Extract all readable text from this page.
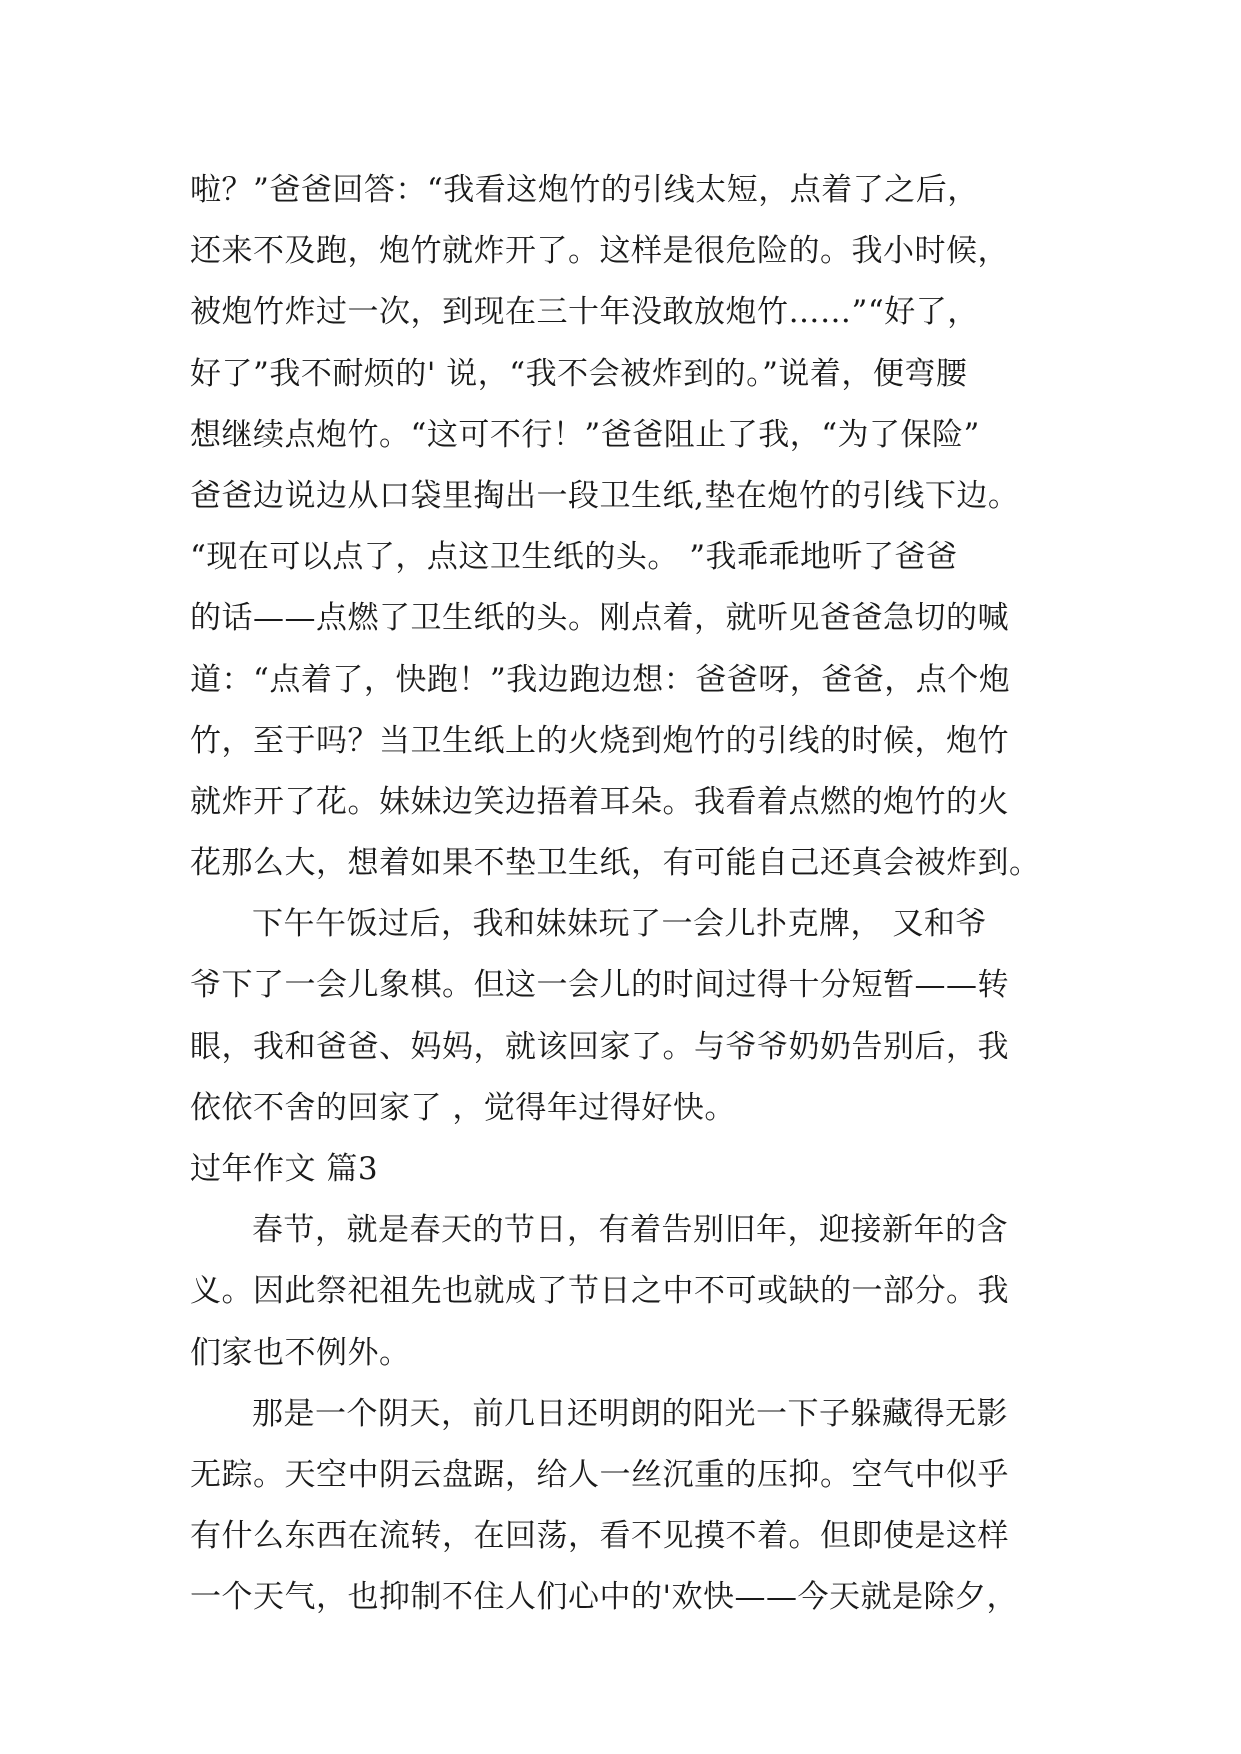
啦？”爸爸回答：“我看这炮竹的引线太短，点着了之后，
还来不及跑，炮竹就炸开了。这样是很危险的。我小时候，
被炮竹炸过一次，到现在三十年没敢放炮竹……”“好了，
好了”我不耐烦的' 说，“我不会被炸到的。”说着，便弯腰
想继续点炮竹。“这可不行！”爸爸阻止了我，“为了保险”
爸爸边说边从口袋里掏出一段卫生纸,垫在炮竹的引线下边。
“现在可以点了，点这卫生纸的头。 ”我乖乖地听了爸爸
的话——点燃了卫生纸的头。刚点着，就听见爸爸急切的喊
道：“点着了，快跑！”我边跑边想：爸爸呀，爸爸，点个炮
竹，至于吗？当卫生纸上的火烧到炮竹的引线的时候，炮竹
就炸开了花。妹妹边笑边捂着耳朵。我看着点燃的炮竹的火
花那么大，想着如果不垫卫生纸，有可能自己还真会被炸到。
下午午饭过后，我和妹妹玩了一会儿扑克牌， 又和爷
爷下了一会儿象棋。但这一会儿的时间过得十分短暂——转
眼，我和爸爸、妈妈，就该回家了。与爷爷奶奶告别后，我
依依不舍的回家了 ，觉得年过得好快。
过年作文 篇3
春节，就是春天的节日，有着告别旧年，迎接新年的含
义。因此祭祀祖先也就成了节日之中不可或缺的一部分。我
们家也不例外。
那是一个阴天，前几日还明朗的阳光一下子躲藏得无影
无踪。天空中阴云盘踞，给人一丝沉重的压抑。空气中似乎
有什么东西在流转，在回荡，看不见摸不着。但即使是这样
一个天气，也抑制不住人们心中的'欢快——今天就是除夕，
